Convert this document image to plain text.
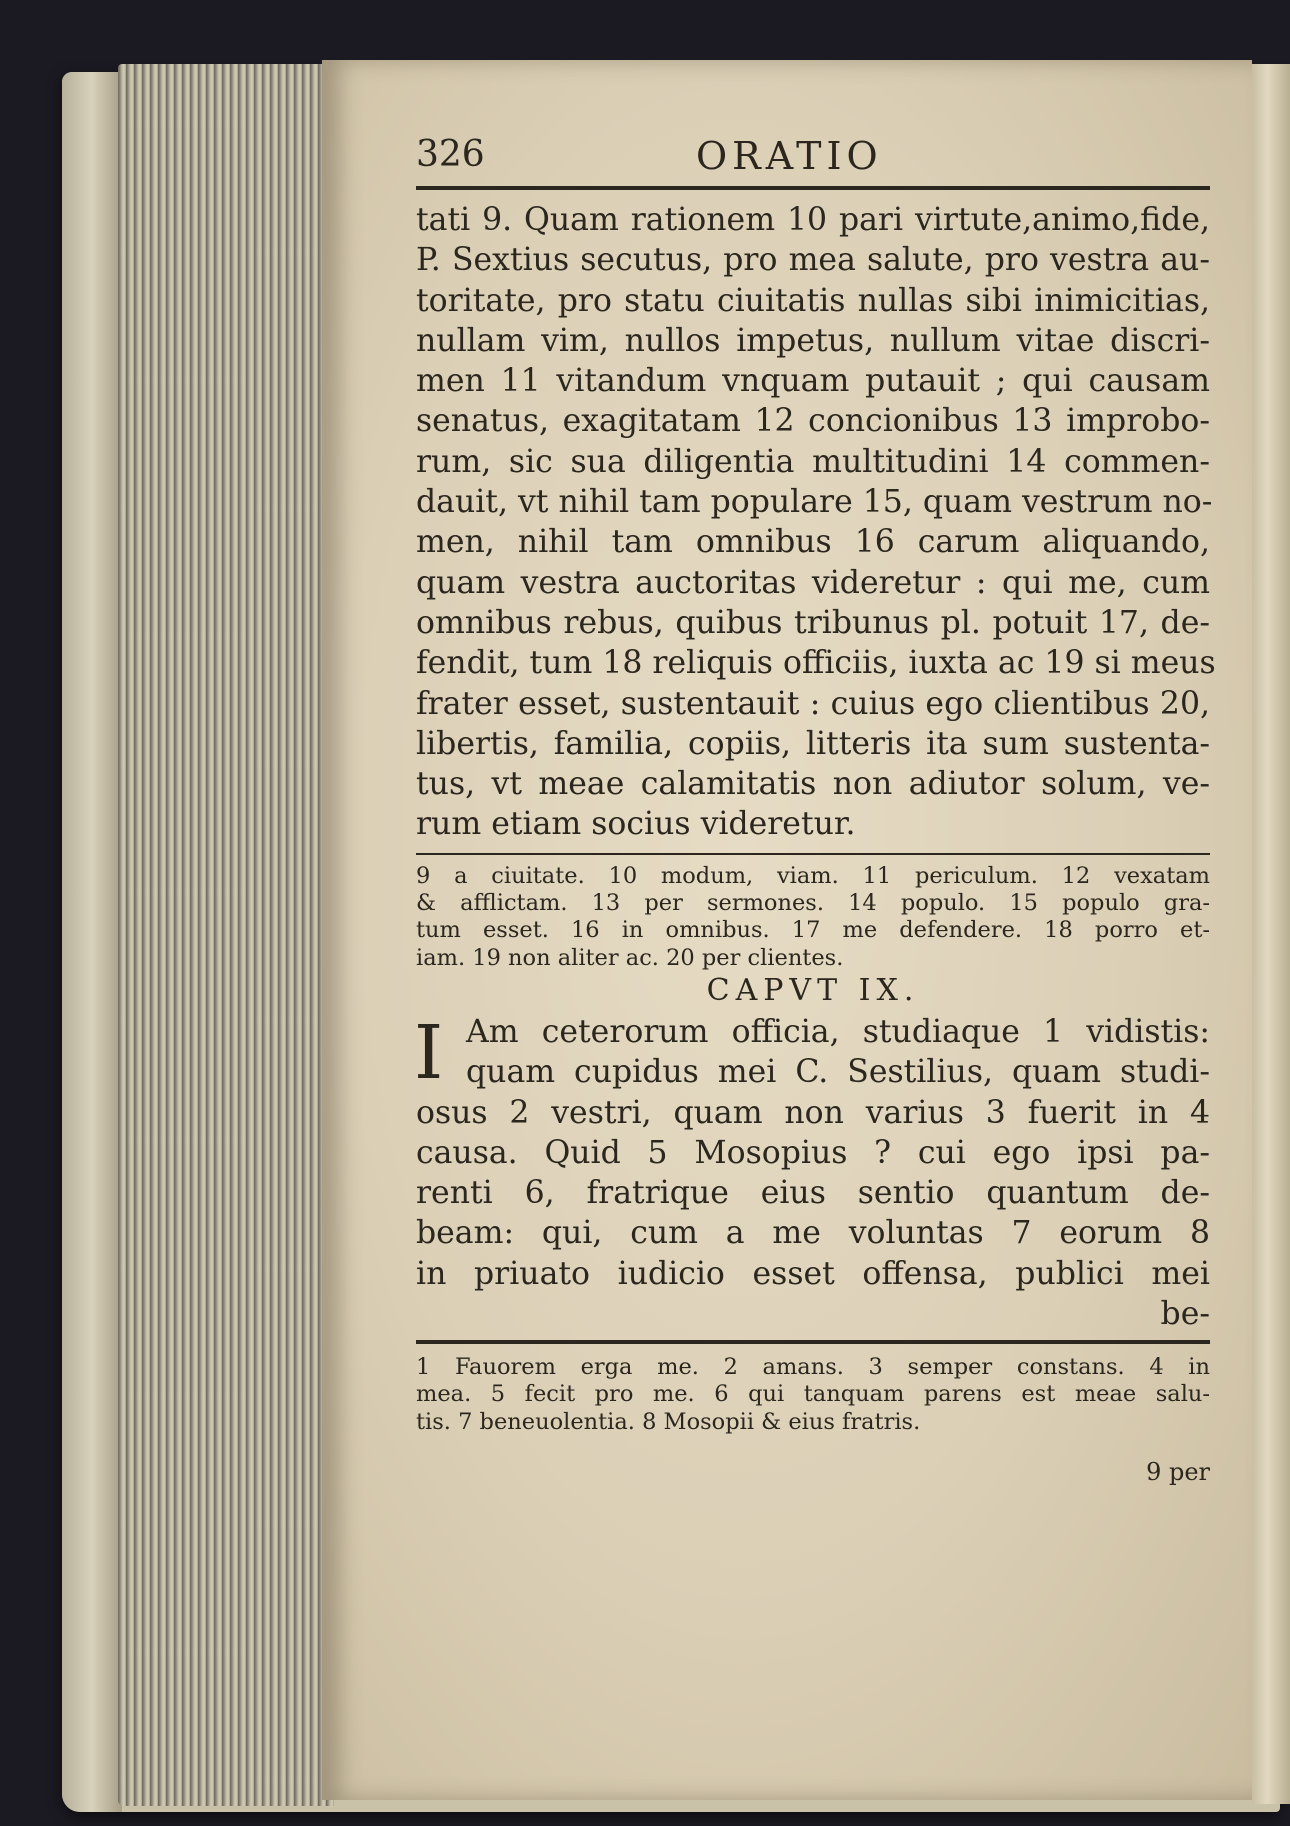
326	ORATIO
tati 9. Quam rationem 10 pari virtute,animo,fide,
P. Sextius secutus, pro mea salute, pro vestra au-
toritate, pro statu ciuitatis nullas sibi inimicitias,
nullam vim, nullos impetus, nullum vitae discri-
men 11 vitandum vnquam putauit ; qui causam
senatus, exagitatam 12 concionibus 13 improbo-
rum, sic sua diligentia multitudini 14 commen-
dauit, vt nihil tam populare 15, quam vestrum no-
men, nihil tam omnibus 16 carum aliquando,
quam vestra auctoritas videretur : qui me, cum
omnibus rebus, quibus tribunus pl. potuit 17, de-
fendit, tum 18 reliquis officiis, iuxta ac 19 si meus
frater esset, sustentauit : cuius ego clientibus 20,
libertis, familia, copiis, litteris ita sum sustenta-
tus, vt meae calamitatis non adiutor solum, ve-
rum etiam socius videretur.
9 a ciuitate. 10 modum, viam. 11 periculum. 12 vexatam
& afflictam. 13 per sermones. 14 populo. 15 populo gra-
tum esset. 16 in omnibus. 17 me defendere. 18 porro et-
iam. 19 non aliter ac. 20 per clientes.
CAPVT IX.
I Am ceterorum officia, studiaque 1 vidistis:
quam cupidus mei C. Sestilius, quam studi-
osus 2 vestri, quam non varius 3 fuerit in 4
causa. Quid 5 Mosopius ? cui ego ipsi pa-
renti 6, fratrique eius sentio quantum de-
beam: qui, cum a me voluntas 7 eorum 8
in priuato iudicio esset offensa, publici mei
be-
1 Fauorem erga me. 2 amans. 3 semper constans. 4 in
mea. 5 fecit pro me. 6 qui tanquam parens est meae salu-
tis. 7 beneuolentia. 8 Mosopii & eius fratris.
9 per
